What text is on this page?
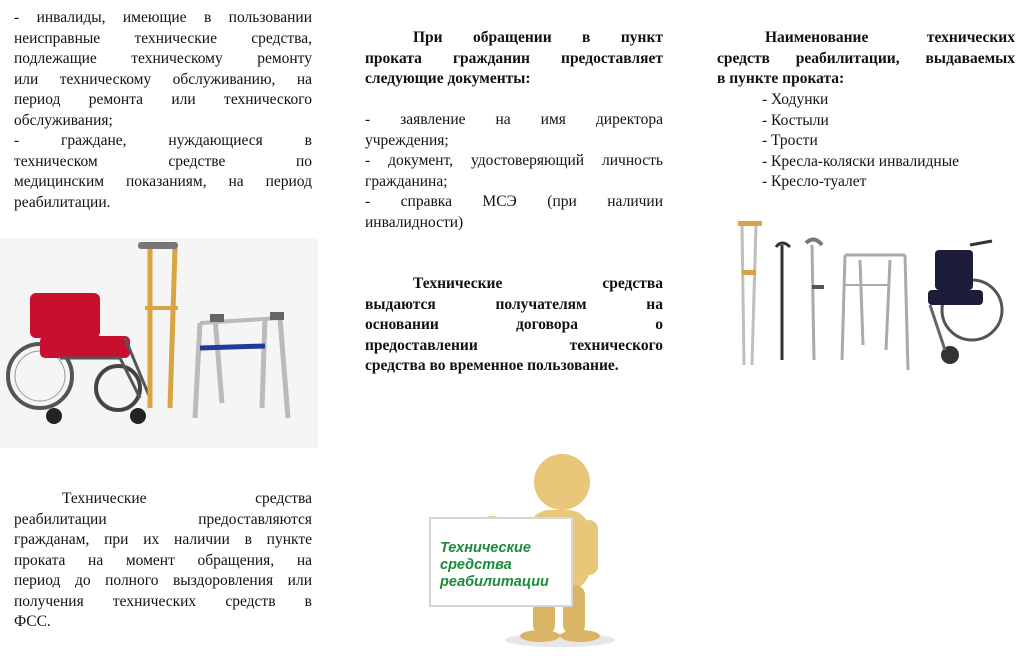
- инвалиды, имеющие в пользовании
неисправные технические средства,
подлежащие техническому ремонту
или техническому обслуживанию, на
период ремонта или технического
обслуживания;
- граждане, нуждающиеся в
техническом средстве по
медицинским показаниям, на период
реабилитации.
Технические средства
реабилитации предоставляются
гражданам, при их наличии в пункте
проката на момент обращения, на
период до полного выздоровления или
получения технических средств в
ФСС.
При обращении в пункт
проката гражданин предоставляет
следующие документы:
- заявление на имя директора
учреждения;
- документ, удостоверяющий личность
гражданина;
- справка МСЭ (при наличии
инвалидности)
Технические средства
выдаются получателям на
основании договора о
предоставлении технического
средства во временное пользование.
Технические средства реабилитации
Наименование технических
средств реабилитации, выдаваемых
в пункте проката:
- Ходунки
- Костыли
- Трости
- Кресла-коляски инвалидные
- Кресло-туалет
